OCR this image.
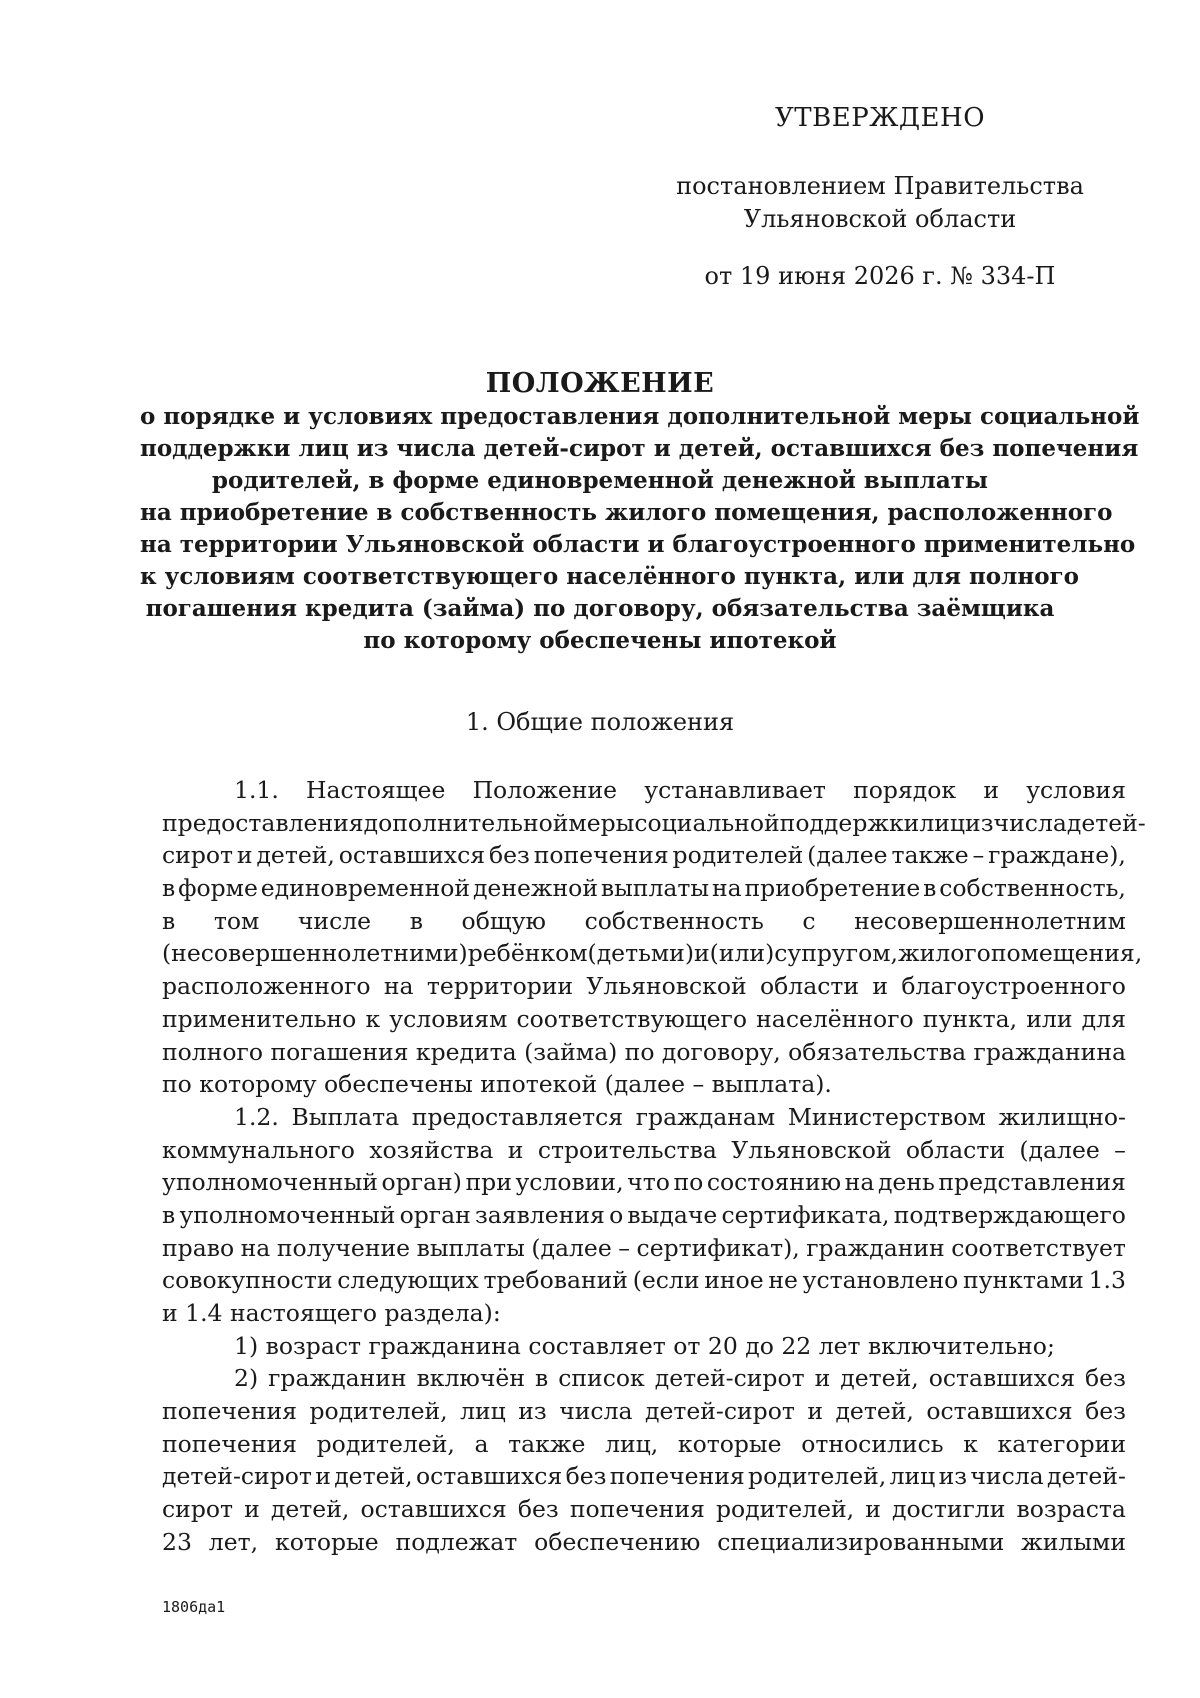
УТВЕРЖДЕНО
постановлением Правительства
Ульяновской области
от 19 июня 2026 г. № 334-П
ПОЛОЖЕНИЕ
о порядке и условиях предоставления дополнительной меры социальной
поддержки лиц из числа детей-сирот и детей, оставшихся без попечения
родителей, в форме единовременной денежной выплаты
на приобретение в собственность жилого помещения, расположенного
на территории Ульяновской области и благоустроенного применительно
к условиям соответствующего населённого пункта, или для полного
погашения кредита (займа) по договору, обязательства заёмщика
по которому обеспечены ипотекой
1. Общие положения
1.1. Настоящее Положение устанавливает порядок и условия
предоставления дополнительной меры социальной поддержки лиц из числа детей-
сирот и детей, оставшихся без попечения родителей (далее также – граждане),
в форме единовременной денежной выплаты на приобретение в собственность,
в том числе в общую собственность с несовершеннолетним
(несовершеннолетними) ребёнком (детьми) и (или) супругом, жилого помещения,
расположенного на территории Ульяновской области и благоустроенного
применительно к условиям соответствующего населённого пункта, или для
полного погашения кредита (займа) по договору, обязательства гражданина
по которому обеспечены ипотекой (далее – выплата).
1.2. Выплата предоставляется гражданам Министерством жилищно-
коммунального хозяйства и строительства Ульяновской области (далее –
уполномоченный орган) при условии, что по состоянию на день представления
в уполномоченный орган заявления о выдаче сертификата, подтверждающего
право на получение выплаты (далее – сертификат), гражданин соответствует
совокупности следующих требований (если иное не установлено пунктами 1.3
и 1.4 настоящего раздела):
1) возраст гражданина составляет от 20 до 22 лет включительно;
2) гражданин включён в список детей-сирот и детей, оставшихся без
попечения родителей, лиц из числа детей-сирот и детей, оставшихся без
попечения родителей, а также лиц, которые относились к категории
детей-сирот и детей, оставшихся без попечения родителей, лиц из числа детей-
сирот и детей, оставшихся без попечения родителей, и достигли возраста
23 лет, которые подлежат обеспечению специализированными жилыми
1806да1
